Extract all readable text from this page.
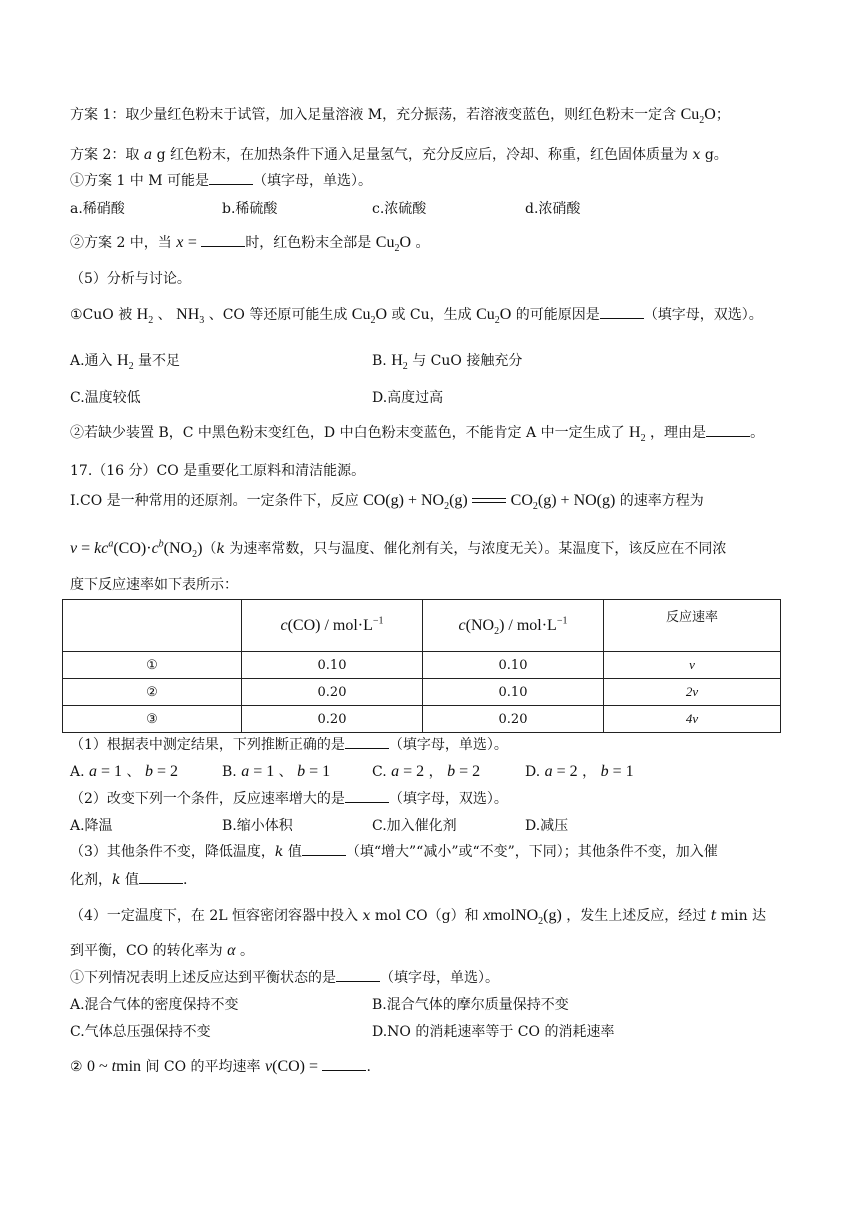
方案 1：取少量红色粉末于试管，加入足量溶液 M，充分振荡，若溶液变蓝色，则红色粉末一定含 $Cu_2O$；
方案 2：取 a g 红色粉末，在加热条件下通入足量氢气，充分反应后，冷却、称重，红色固体质量为 x g。
①方案 1 中 M 可能是	（填字母，单选）。
a.稀硝酸	b.稀硫酸	c.浓硫酸	d.浓硝酸
②方案 2 中，当 x =	时，红色粉末全部是 $Cu_2O$ 。
（5）分析与讨论。
①CuO 被 $H_2$ 、 $NH_3$ 、CO 等还原可能生成 $Cu_2O$ 或 Cu，生成 $Cu_2O$ 的可能原因是	（填字母，双选）。
A.通入 $H_2$ 量不足	B. $H_2$ 与 CuO 接触充分
C.温度较低	D.高度过高
②若缺少装置 B，C 中黑色粉末变红色，D 中白色粉末变蓝色，不能肯定 A 中一定生成了 $H_2$ ，理由是	。
17.（16 分）CO 是重要化工原料和清洁能源。
I.CO 是一种常用的还原剂。一定条件下，反应 $CO(g) + NO_2(g)$	$CO_2(g) + NO(g)$ 的速率方程为
$v = kc^a(CO)\cdot c^b(NO_2)(k$ 为速率常数，只与温度、催化剂有关，与浓度无关）。某温度下，该反应在不同浓
度下反应速率如下表所示：
	$c(CO) / mol\cdot L^{-1}$	$c(NO_2) / mol\cdot L^{-1}$	反应速率
①	0.10	0.10	v
②	0.20	0.10	2v
③	0.20	0.20	4v
（1）根据表中测定结果，下列推断正确的是	（填字母，单选）。
A. a = 1 、 b = 2	B. a = 1 、 b = 1	C. a = 2 ， b = 2	D. a = 2 ， b = 1
（2）改变下列一个条件，反应速率增大的是	（填字母，双选）。
A.降温	B.缩小体积	C.加入催化剂	D.减压
（3）其他条件不变，降低温度，k 值	（填“增大”“减小”或“不变”，下同）；其他条件不变，加入催
化剂，k 值	.
（4）一定温度下，在 2L 恒容密闭容器中投入 x mol CO（g）和 xmolNO$_2$(g) ，发生上述反应，经过 t min 达
到平衡，CO 的转化率为 α 。
①下列情况表明上述反应达到平衡状态的是	（填字母，单选）。
A.混合气体的密度保持不变	B.混合气体的摩尔质量保持不变
C.气体总压强保持不变	D.NO 的消耗速率等于 CO 的消耗速率
② 0 ~ tmin 间 CO 的平均速率 v(CO) =	.
